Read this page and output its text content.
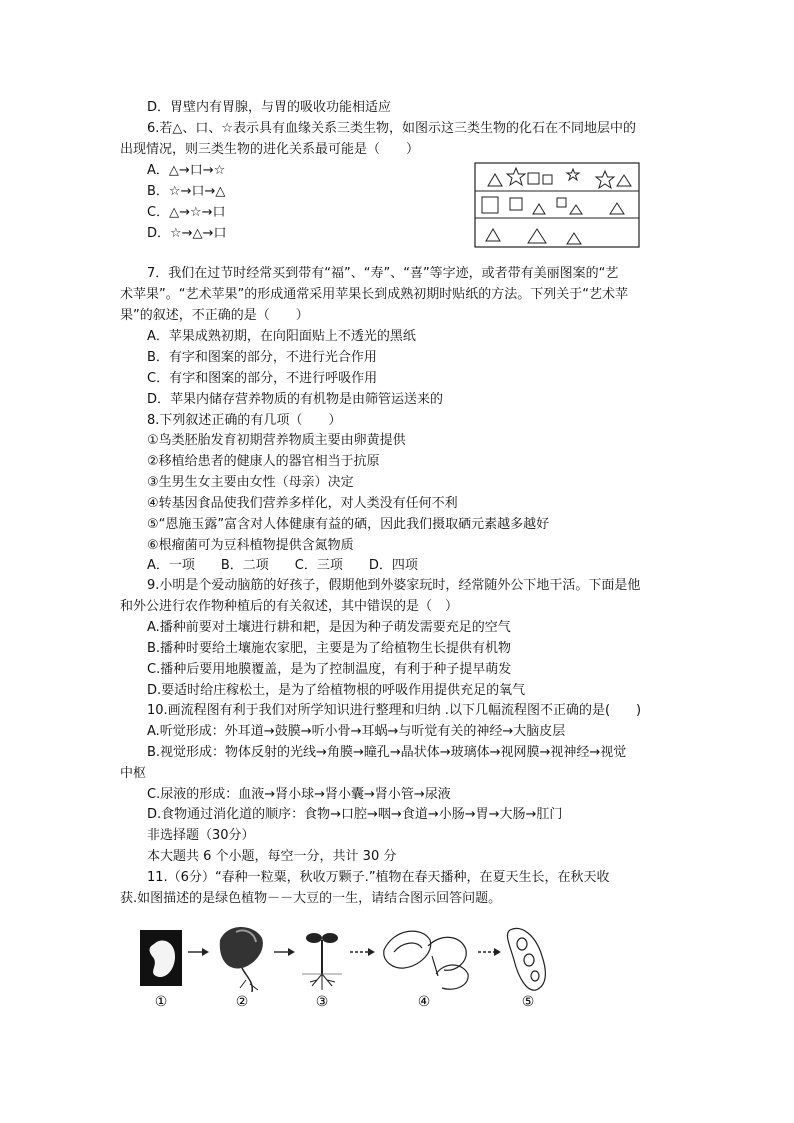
D．胃壁内有胃腺，与胃的吸收功能相适应
6.若△、口、☆表示具有血缘关系三类生物，如图示这三类生物的化石在不同地层中的
出现情况，则三类生物的进化关系最可能是（　　）
A．△→口→☆
B．☆→口→△
C．△→☆→口
D．☆→△→口
7．我们在过节时经常买到带有“福”、“寿”、“喜”等字迹，或者带有美丽图案的“艺
术苹果”。“艺术苹果”的形成通常采用苹果长到成熟初期时贴纸的方法。下列关于“艺术苹
果”的叙述，不正确的是（　　）
A．苹果成熟初期，在向阳面贴上不透光的黑纸
B．有字和图案的部分，不进行光合作用
C．有字和图案的部分，不进行呼吸作用
D．苹果内储存营养物质的有机物是由筛管运送来的
8.下列叙述正确的有几项（　　）
①鸟类胚胎发育初期营养物质主要由卵黄提供
②移植给患者的健康人的器官相当于抗原
③生男生女主要由女性（母亲）决定
④转基因食品使我们营养多样化，对人类没有任何不利
⑤“恩施玉露”富含对人体健康有益的硒，因此我们摄取硒元素越多越好
⑥根瘤菌可为豆科植物提供含氮物质
A．一项　　B．二项　　C．三项　　D．四项
9.小明是个爱动脑筋的好孩子，假期他到外婆家玩时，经常随外公下地干活。下面是他
和外公进行农作物种植后的有关叙述，其中错误的是（　）
A.播种前要对土壤进行耕和耙，是因为种子萌发需要充足的空气
B.播种时要给土壤施农家肥，主要是为了给植物生长提供有机物
C.播种后要用地膜覆盖，是为了控制温度，有利于种子提早萌发
D.要适时给庄稼松土，是为了给植物根的呼吸作用提供充足的氧气
10.画流程图有利于我们对所学知识进行整理和归纳 .以下几幅流程图不正确的是(　　)
A.听觉形成：外耳道→鼓膜→听小骨→耳蜗→与听觉有关的神经→大脑皮层
B.视觉形成：物体反射的光线→角膜→瞳孔→晶状体→玻璃体→视网膜→视神经→视觉
中枢
C.尿液的形成：血液→肾小球→肾小囊→肾小管→尿液
D.食物通过消化道的顺序：食物→口腔→咽→食道→小肠→胃→大肠→肛门
非选择题（30分）
本大题共 6 个小题，每空一分，共计 30 分
11.（6分）“春种一粒粟，秋收万颗子.”植物在春天播种，在夏天生长，在秋天收
获.如图描述的是绿色植物－－大豆的一生，请结合图示回答问题。
①	②	③	④	⑤
